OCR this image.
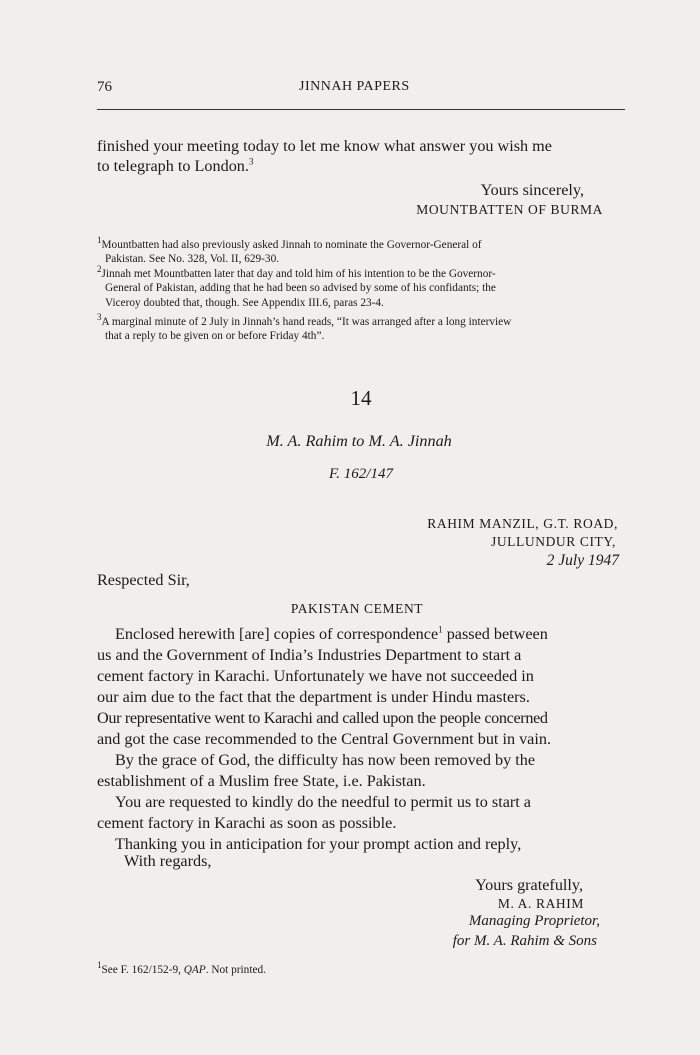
76	JINNAH PAPERS
finished your meeting today to let me know what answer you wish me
to telegraph to London.$^3$
Yours sincerely,
MOUNTBATTEN OF BURMA
$^1$Mountbatten had also previously asked Jinnah to nominate the Governor-General of
Pakistan. See No. 328, Vol. II, 629-30.
$^2$Jinnah met Mountbatten later that day and told him of his intention to be the Governor-
General of Pakistan, adding that he had been so advised by some of his confidants; the
Viceroy doubted that, though. See Appendix III.6, paras 23-4.
$^3$A marginal minute of 2 July in Jinnah’s hand reads, “It was arranged after a long interview
that a reply to be given on or before Friday 4th”.
14
M. A. Rahim to M. A. Jinnah
F. 162/147
RAHIM MANZIL, G.T. ROAD,
JULLUNDUR CITY,
2 July 1947
Respected Sir,
PAKISTAN CEMENT
Enclosed herewith [are] copies of correspondence$^1$ passed between
us and the Government of India’s Industries Department to start a
cement factory in Karachi. Unfortunately we have not succeeded in
our aim due to the fact that the department is under Hindu masters.
Our representative went to Karachi and called upon the people concerned
and got the case recommended to the Central Government but in vain.
By the grace of God, the difficulty has now been removed by the
establishment of a Muslim free State, i.e. Pakistan.
You are requested to kindly do the needful to permit us to start a
cement factory in Karachi as soon as possible.
Thanking you in anticipation for your prompt action and reply,
With regards,
Yours gratefully,
M. A. RAHIM
Managing Proprietor,
for M. A. Rahim & Sons
$^1$See F. 162/152-9, QAP. Not printed.
